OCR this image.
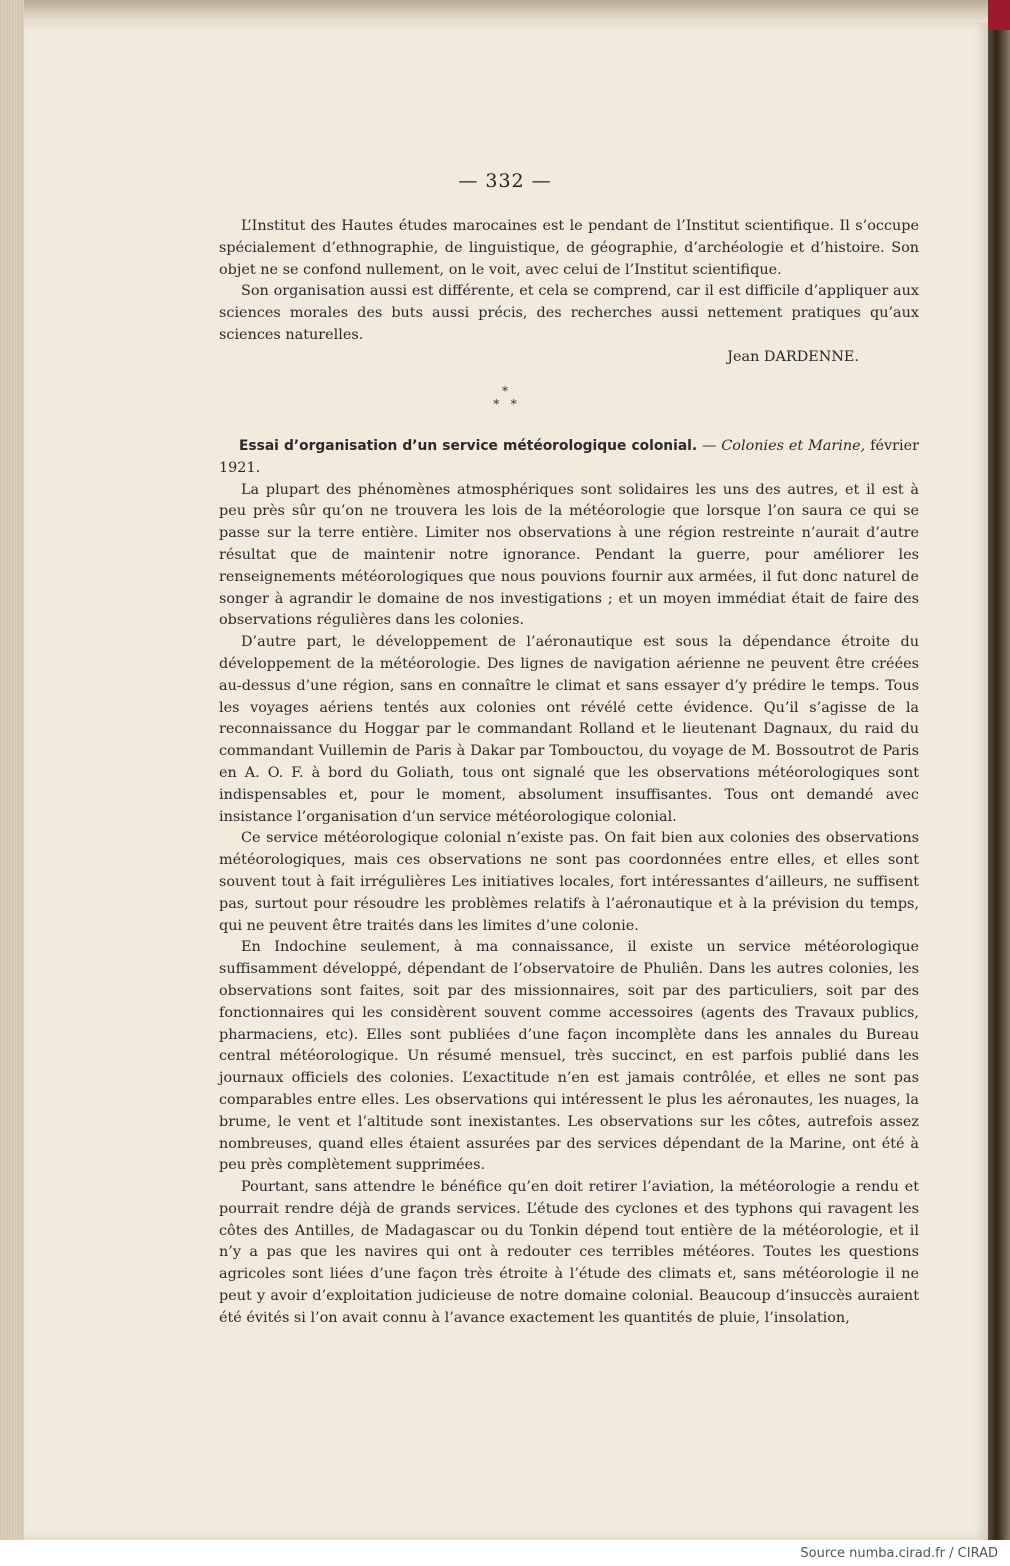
— 332 —

L’Institut des Hautes études marocaines est le pendant de l’Institut scientifique. Il s’occupe spécialement d’ethnographie, de linguistique, de géographie, d’archéologie et d’histoire. Son objet ne se confond nullement, on le voit, avec celui de l’Institut scientifique.

Son organisation aussi est différente, et cela se comprend, car il est difficile d’appliquer aux sciences morales des buts aussi précis, des recherches aussi nettement pratiques qu’aux sciences naturelles.

Jean DARDENNE.

*
*   *

Essai d’organisation d’un service météorologique colonial. — Colonies et Marine, février 1921.

La plupart des phénomènes atmosphériques sont solidaires les uns des autres, et il est à peu près sûr qu’on ne trouvera les lois de la météorologie que lorsque l’on saura ce qui se passe sur la terre entière. Limiter nos observations à une région restreinte n’aurait d’autre résultat que de maintenir notre ignorance. Pendant la guerre, pour améliorer les renseignements météorologiques que nous pouvions fournir aux armées, il fut donc naturel de songer à agrandir le domaine de nos investigations ; et un moyen immédiat était de faire des observations régulières dans les colonies.

D’autre part, le développement de l’aéronautique est sous la dépendance étroite du développement de la météorologie. Des lignes de navigation aérienne ne peuvent être créées au-dessus d’une région, sans en connaître le climat et sans essayer d’y prédire le temps. Tous les voyages aériens tentés aux colonies ont révélé cette évidence. Qu’il s’agisse de la reconnaissance du Hoggar par le commandant Rolland et le lieutenant Dagnaux, du raid du commandant Vuillemin de Paris à Dakar par Tombouctou, du voyage de M. Bossoutrot de Paris en A. O. F. à bord du Goliath, tous ont signalé que les observations météorologiques sont indispensables et, pour le moment, absolument insuffisantes. Tous ont demandé avec insistance l’organisation d’un service météorologique colonial.

Ce service météorologique colonial n’existe pas. On fait bien aux colonies des observations météorologiques, mais ces observations ne sont pas coordonnées entre elles, et elles sont souvent tout à fait irrégulières Les initiatives locales, fort intéressantes d’ailleurs, ne suffisent pas, surtout pour résoudre les problèmes relatifs à l’aéronautique et à la prévision du temps, qui ne peuvent être traités dans les limites d’une colonie.

En Indochine seulement, à ma connaissance, il existe un service météorologique suffisamment développé, dépendant de l’observatoire de Phuliên. Dans les autres colonies, les observations sont faites, soit par des missionnaires, soit par des particuliers, soit par des fonctionnaires qui les considèrent souvent comme accessoires (agents des Travaux publics, pharmaciens, etc). Elles sont publiées d’une façon incomplète dans les annales du Bureau central météorologique. Un résumé mensuel, très succinct, en est parfois publié dans les journaux officiels des colonies. L’exactitude n’en est jamais contrôlée, et elles ne sont pas comparables entre elles. Les observations qui intéressent le plus les aéronautes, les nuages, la brume, le vent et l’altitude sont inexistantes. Les observations sur les côtes, autrefois assez nombreuses, quand elles étaient assurées par des services dépendant de la Marine, ont été à peu près complètement supprimées.

Pourtant, sans attendre le bénéfice qu’en doit retirer l’aviation, la météorologie a rendu et pourrait rendre déjà de grands services. L’étude des cyclones et des typhons qui ravagent les côtes des Antilles, de Madagascar ou du Tonkin dépend tout entière de la météorologie, et il n’y a pas que les navires qui ont à redouter ces terribles météores. Toutes les questions agricoles sont liées d’une façon très étroite à l’étude des climats et, sans météorologie il ne peut y avoir d’exploitation judicieuse de notre domaine colonial. Beaucoup d’insuccès auraient été évités si l’on avait connu à l’avance exactement les quantités de pluie, l’insolation,

Source numba.cirad.fr / CIRAD
